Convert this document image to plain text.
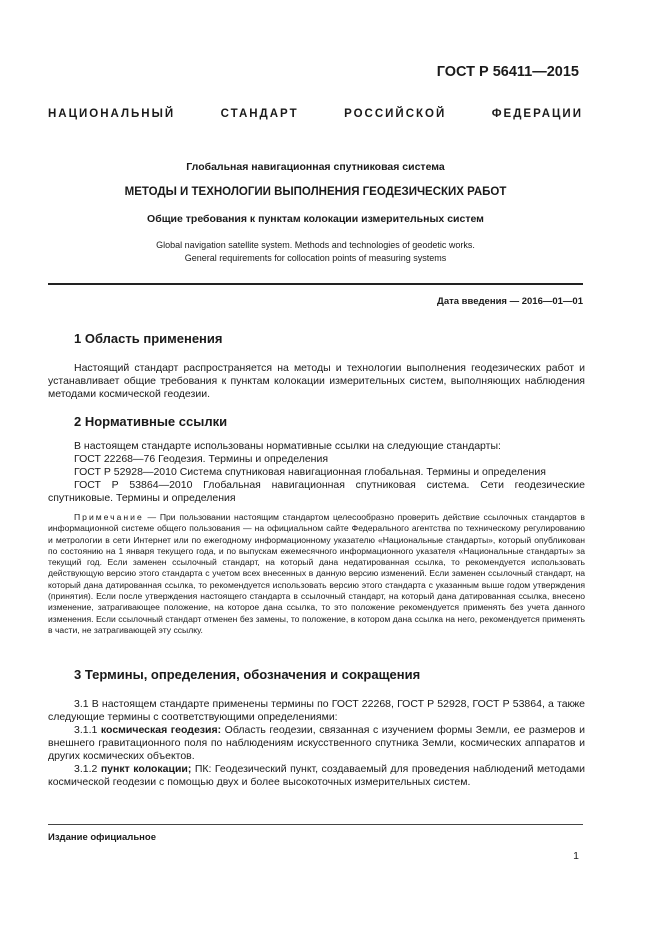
ГОСТ Р 56411—2015
НАЦИОНАЛЬНЫЙ	СТАНДАРТ	РОССИЙСКОЙ	ФЕДЕРАЦИИ
Глобальная навигационная спутниковая система
МЕТОДЫ И ТЕХНОЛОГИИ ВЫПОЛНЕНИЯ ГЕОДЕЗИЧЕСКИХ РАБОТ
Общие требования к пунктам колокации измерительных систем
Global navigation satellite system. Methods and technologies of geodetic works.
General requirements for collocation points of measuring systems
Дата введения — 2016—01—01
1 Область применения
Настоящий стандарт распространяется на методы и технологии выполнения геодезических работ и устанавливает общие требования к пунктам колокации измерительных систем, выполняющих наблюдения методами космической геодезии.
2 Нормативные ссылки
В настоящем стандарте использованы нормативные ссылки на следующие стандарты:
ГОСТ 22268—76 Геодезия. Термины и определения
ГОСТ Р 52928—2010 Система спутниковая навигационная глобальная. Термины и определения
ГОСТ Р 53864—2010 Глобальная навигационная спутниковая система. Сети геодезические спутниковые. Термины и определения
Примечание — При пользовании настоящим стандартом целесообразно проверить действие ссылочных стандартов в информационной системе общего пользования — на официальном сайте Федерального агентства по техническому регулированию и метрологии в сети Интернет или по ежегодному информационному указателю «Национальные стандарты», который опубликован по состоянию на 1 января текущего года, и по выпускам ежемесячного информационного указателя «Национальные стандарты» за текущий год. Если заменен ссылочный стандарт, на который дана недатированная ссылка, то рекомендуется использовать действующую версию этого стандарта с учетом всех внесенных в данную версию изменений. Если заменен ссылочный стандарт, на который дана датированная ссылка, то рекомендуется использовать версию этого стандарта с указанным выше годом утверждения (принятия). Если после утверждения настоящего стандарта в ссылочный стандарт, на который дана датированная ссылка, внесено изменение, затрагивающее положение, на которое дана ссылка, то это положение рекомендуется применять без учета данного изменения. Если ссылочный стандарт отменен без замены, то положение, в котором дана ссылка на него, рекомендуется применять в части, не затрагивающей эту ссылку.
3 Термины, определения, обозначения и сокращения
3.1 В настоящем стандарте применены термины по ГОСТ 22268, ГОСТ Р 52928, ГОСТ Р 53864, а также следующие термины с соответствующими определениями:
3.1.1 космическая геодезия: Область геодезии, связанная с изучением формы Земли, ее размеров и внешнего гравитационного поля по наблюдениям искусственного спутника Земли, космических аппаратов и других космических объектов.
3.1.2 пункт колокации; ПК: Геодезический пункт, создаваемый для проведения наблюдений методами космической геодезии с помощью двух и более высокоточных измерительных систем.
Издание официальное
1
